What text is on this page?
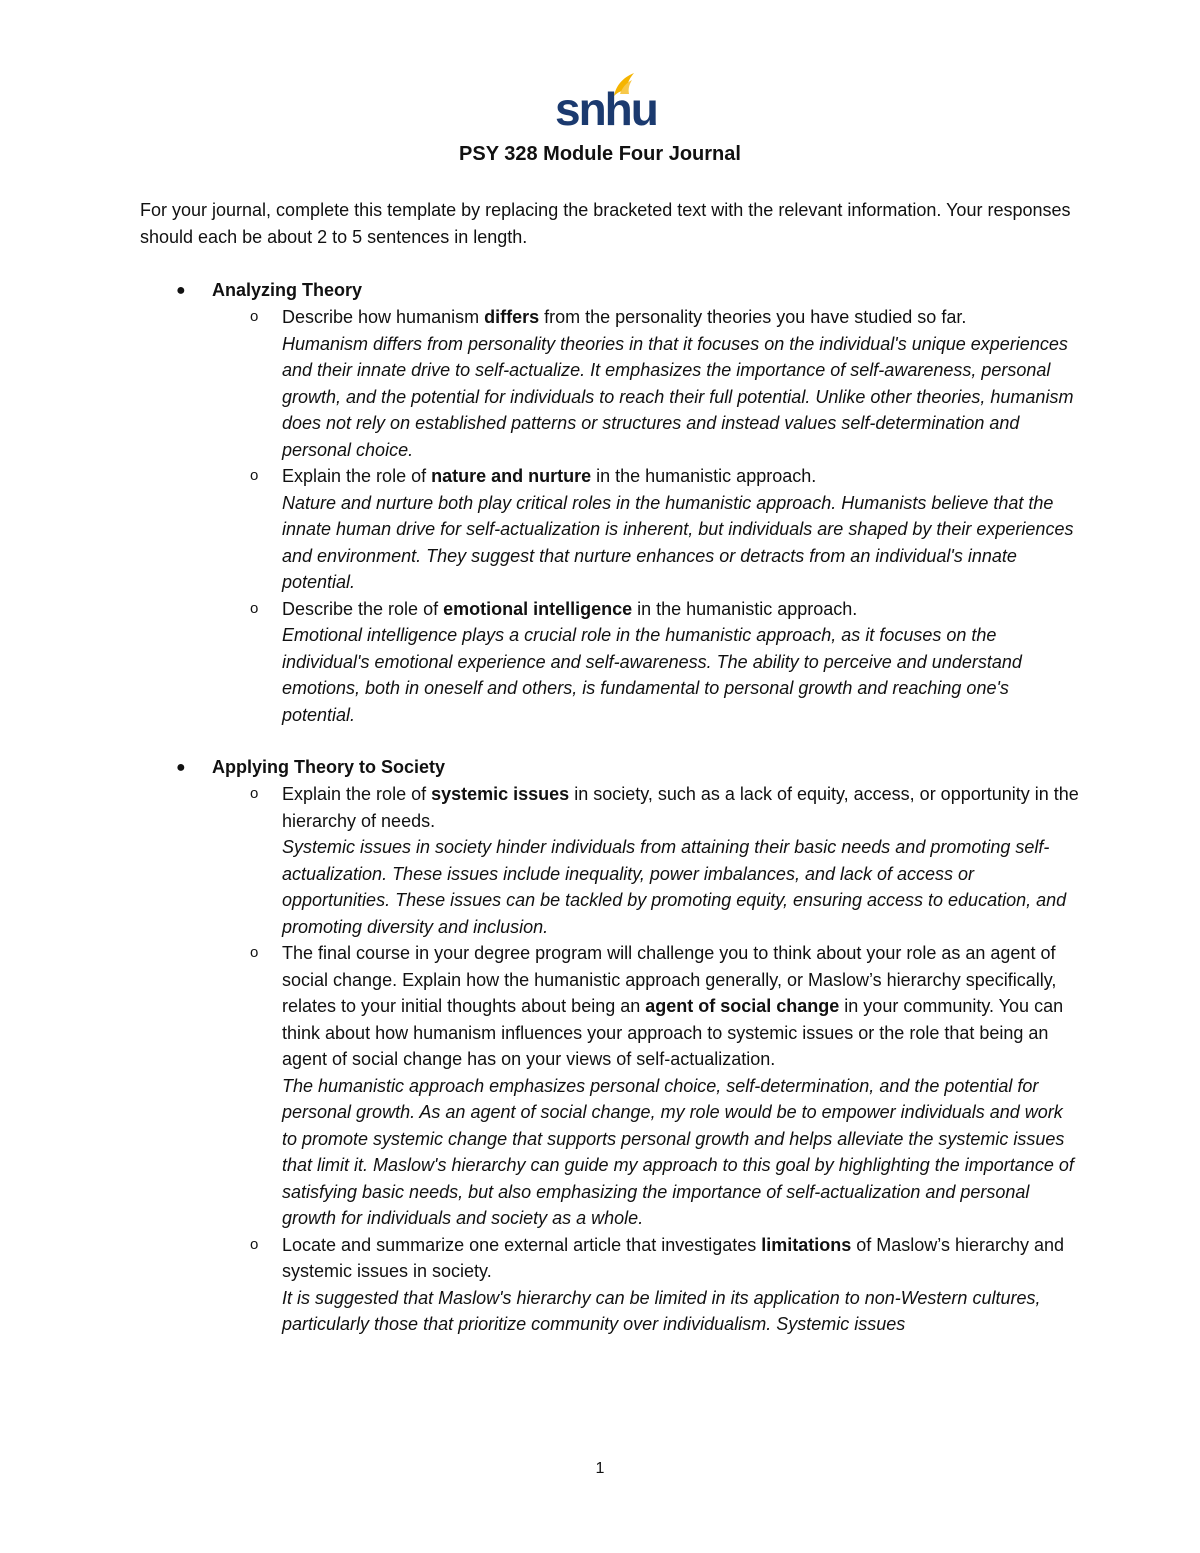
snhu
PSY 328 Module Four Journal
For your journal, complete this template by replacing the bracketed text with the relevant information. Your responses should each be about 2 to 5 sentences in length.
● Analyzing Theory
o Describe how humanism differs from the personality theories you have studied so far.
Humanism differs from personality theories in that it focuses on the individual's unique experiences and their innate drive to self-actualize. It emphasizes the importance of self-awareness, personal growth, and the potential for individuals to reach their full potential. Unlike other theories, humanism does not rely on established patterns or structures and instead values self-determination and personal choice.
o Explain the role of nature and nurture in the humanistic approach.
Nature and nurture both play critical roles in the humanistic approach. Humanists believe that the innate human drive for self-actualization is inherent, but individuals are shaped by their experiences and environment. They suggest that nurture enhances or detracts from an individual's innate potential.
o Describe the role of emotional intelligence in the humanistic approach.
Emotional intelligence plays a crucial role in the humanistic approach, as it focuses on the individual's emotional experience and self-awareness. The ability to perceive and understand emotions, both in oneself and others, is fundamental to personal growth and reaching one's potential.
● Applying Theory to Society
o Explain the role of systemic issues in society, such as a lack of equity, access, or opportunity in the hierarchy of needs.
Systemic issues in society hinder individuals from attaining their basic needs and promoting self-actualization. These issues include inequality, power imbalances, and lack of access or opportunities. These issues can be tackled by promoting equity, ensuring access to education, and promoting diversity and inclusion.
o The final course in your degree program will challenge you to think about your role as an agent of social change. Explain how the humanistic approach generally, or Maslow’s hierarchy specifically, relates to your initial thoughts about being an agent of social change in your community. You can think about how humanism influences your approach to systemic issues or the role that being an agent of social change has on your views of self-actualization.
The humanistic approach emphasizes personal choice, self-determination, and the potential for personal growth. As an agent of social change, my role would be to empower individuals and work to promote systemic change that supports personal growth and helps alleviate the systemic issues that limit it. Maslow's hierarchy can guide my approach to this goal by highlighting the importance of satisfying basic needs, but also emphasizing the importance of self-actualization and personal growth for individuals and society as a whole.
o Locate and summarize one external article that investigates limitations of Maslow’s hierarchy and systemic issues in society.
It is suggested that Maslow's hierarchy can be limited in its application to non-Western cultures, particularly those that prioritize community over individualism. Systemic issues
1
